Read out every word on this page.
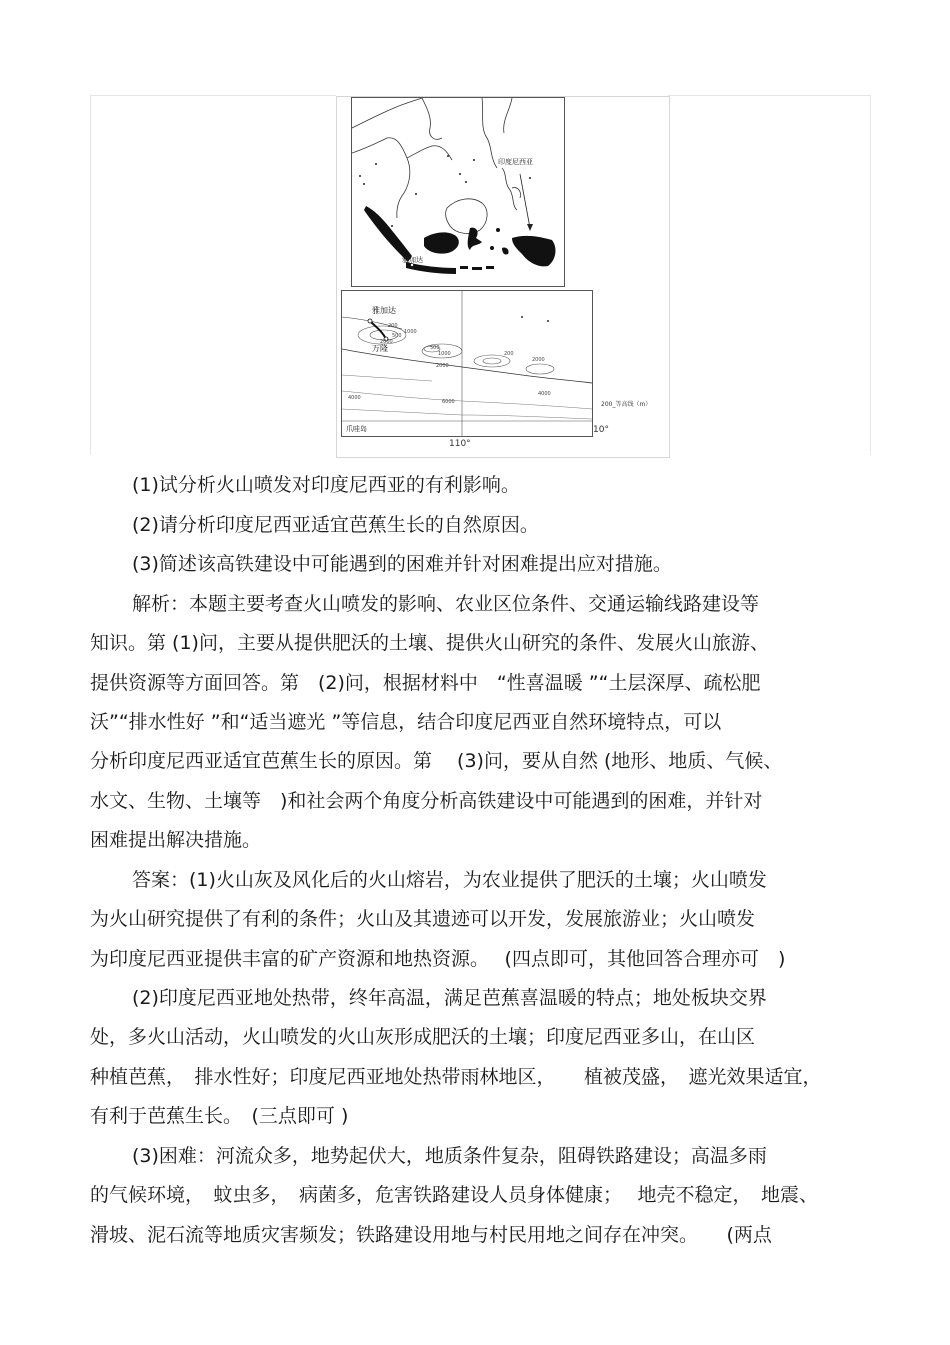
印度尼西亚
雅加达
雅加达
万隆
爪哇岛
200
500
1000
2000
4000
500
1000
2000
2000
200
4000
6000	200_等高线（m）
10°
110°
(1)试分析火山喷发对印度尼西亚的有利影响。
(2)请分析印度尼西亚适宜芭蕉生长的自然原因。
(3)简述该高铁建设中可能遇到的困难并针对困难提出应对措施。
解析：本题主要考查火山喷发的影响、农业区位条件、交通运输线路建设等
知识。第 (1)问，主要从提供肥沃的土壤、提供火山研究的条件、发展火山旅游、
提供资源等方面回答。第　(2)问，根据材料中　“性喜温暖 ”“土层深厚、疏松肥
沃”“排水性好 ”和“适当遮光 ”等信息，结合印度尼西亚自然环境特点，可以
分析印度尼西亚适宜芭蕉生长的原因。第　 (3)问，要从自然 (地形、地质、气候、
水文、生物、土壤等　)和社会两个角度分析高铁建设中可能遇到的困难，并针对
困难提出解决措施。
答案：(1)火山灰及风化后的火山熔岩，为农业提供了肥沃的土壤；火山喷发
为火山研究提供了有利的条件；火山及其遗迹可以开发，发展旅游业；火山喷发
为印度尼西亚提供丰富的矿产资源和地热资源。　 (四点即可，其他回答合理亦可　)
(2)印度尼西亚地处热带，终年高温，满足芭蕉喜温暖的特点；地处板块交界
处，多火山活动，火山喷发的火山灰形成肥沃的土壤；印度尼西亚多山，在山区
种植芭蕉，　排水性好；印度尼西亚地处热带雨林地区，　　植被茂盛，　遮光效果适宜，
有利于芭蕉生长。　(三点即可 )
(3)困难：河流众多，地势起伏大，地质条件复杂，阻碍铁路建设；高温多雨
的气候环境，　蚊虫多，　病菌多，危害铁路建设人员身体健康；　 地壳不稳定，　地震、
滑坡、泥石流等地质灾害频发；铁路建设用地与村民用地之间存在冲突。　　(两点
